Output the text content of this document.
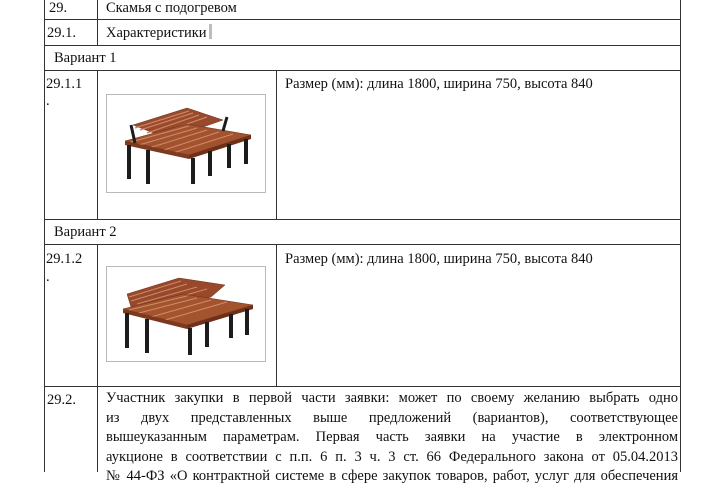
29.	Скамья с подогревом
29.1. Характеристики
Вариант 1
29.1.1
.
Размер (мм): длина 1800, ширина 750, высота 840
Вариант 2
29.1.2
.
Размер (мм): длина 1800, ширина 750, высота 840
29.2. Участник закупки в первой части заявки: может по своему желанию выбрать одно
из двух представленных выше предложений (вариантов), соответствующее
вышеуказанным параметрам. Первая часть заявки на участие в электронном
аукционе в соответствии с п.п. 6 п. 3 ч. 3 ст. 66 Федерального закона от 05.04.2013
№ 44-ФЗ «О контрактной системе в сфере закупок товаров, работ, услуг для обеспечения
